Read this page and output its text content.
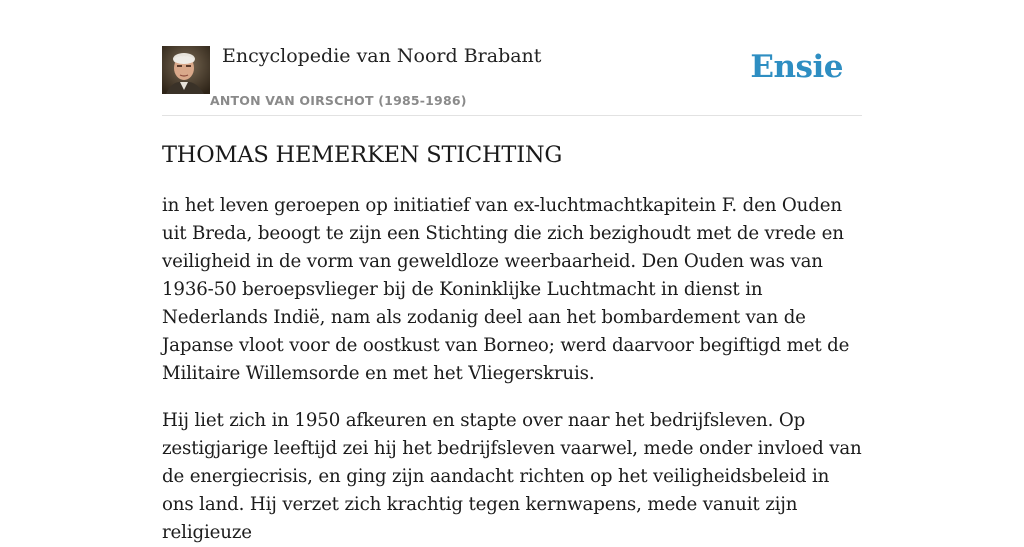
Encyclopedie van Noord Brabant
ANTON VAN OIRSCHOT (1985-1986)
Ensie
THOMAS HEMERKEN STICHTING

in het leven geroepen op initiatief van ex-luchtmachtkapitein F. den Ouden uit Breda, beoogt te zijn een Stichting die zich bezighoudt met de vrede en veiligheid in de vorm van geweldloze weerbaarheid. Den Ouden was van 1936-50 beroepsvlieger bij de Koninklijke Luchtmacht in dienst in Nederlands Indië, nam als zodanig deel aan het bombardement van de Japanse vloot voor de oostkust van Borneo; werd daarvoor begiftigd met de Militaire Willemsorde en met het Vliegerskruis.

Hij liet zich in 1950 afkeuren en stapte over naar het bedrijfsleven. Op zestigjarige leeftijd zei hij het bedrijfsleven vaarwel, mede onder invloed van de energiecrisis, en ging zijn aandacht richten op het veiligheidsbeleid in ons land. Hij verzet zich krachtig tegen kernwapens, mede vanuit zijn religieuze
